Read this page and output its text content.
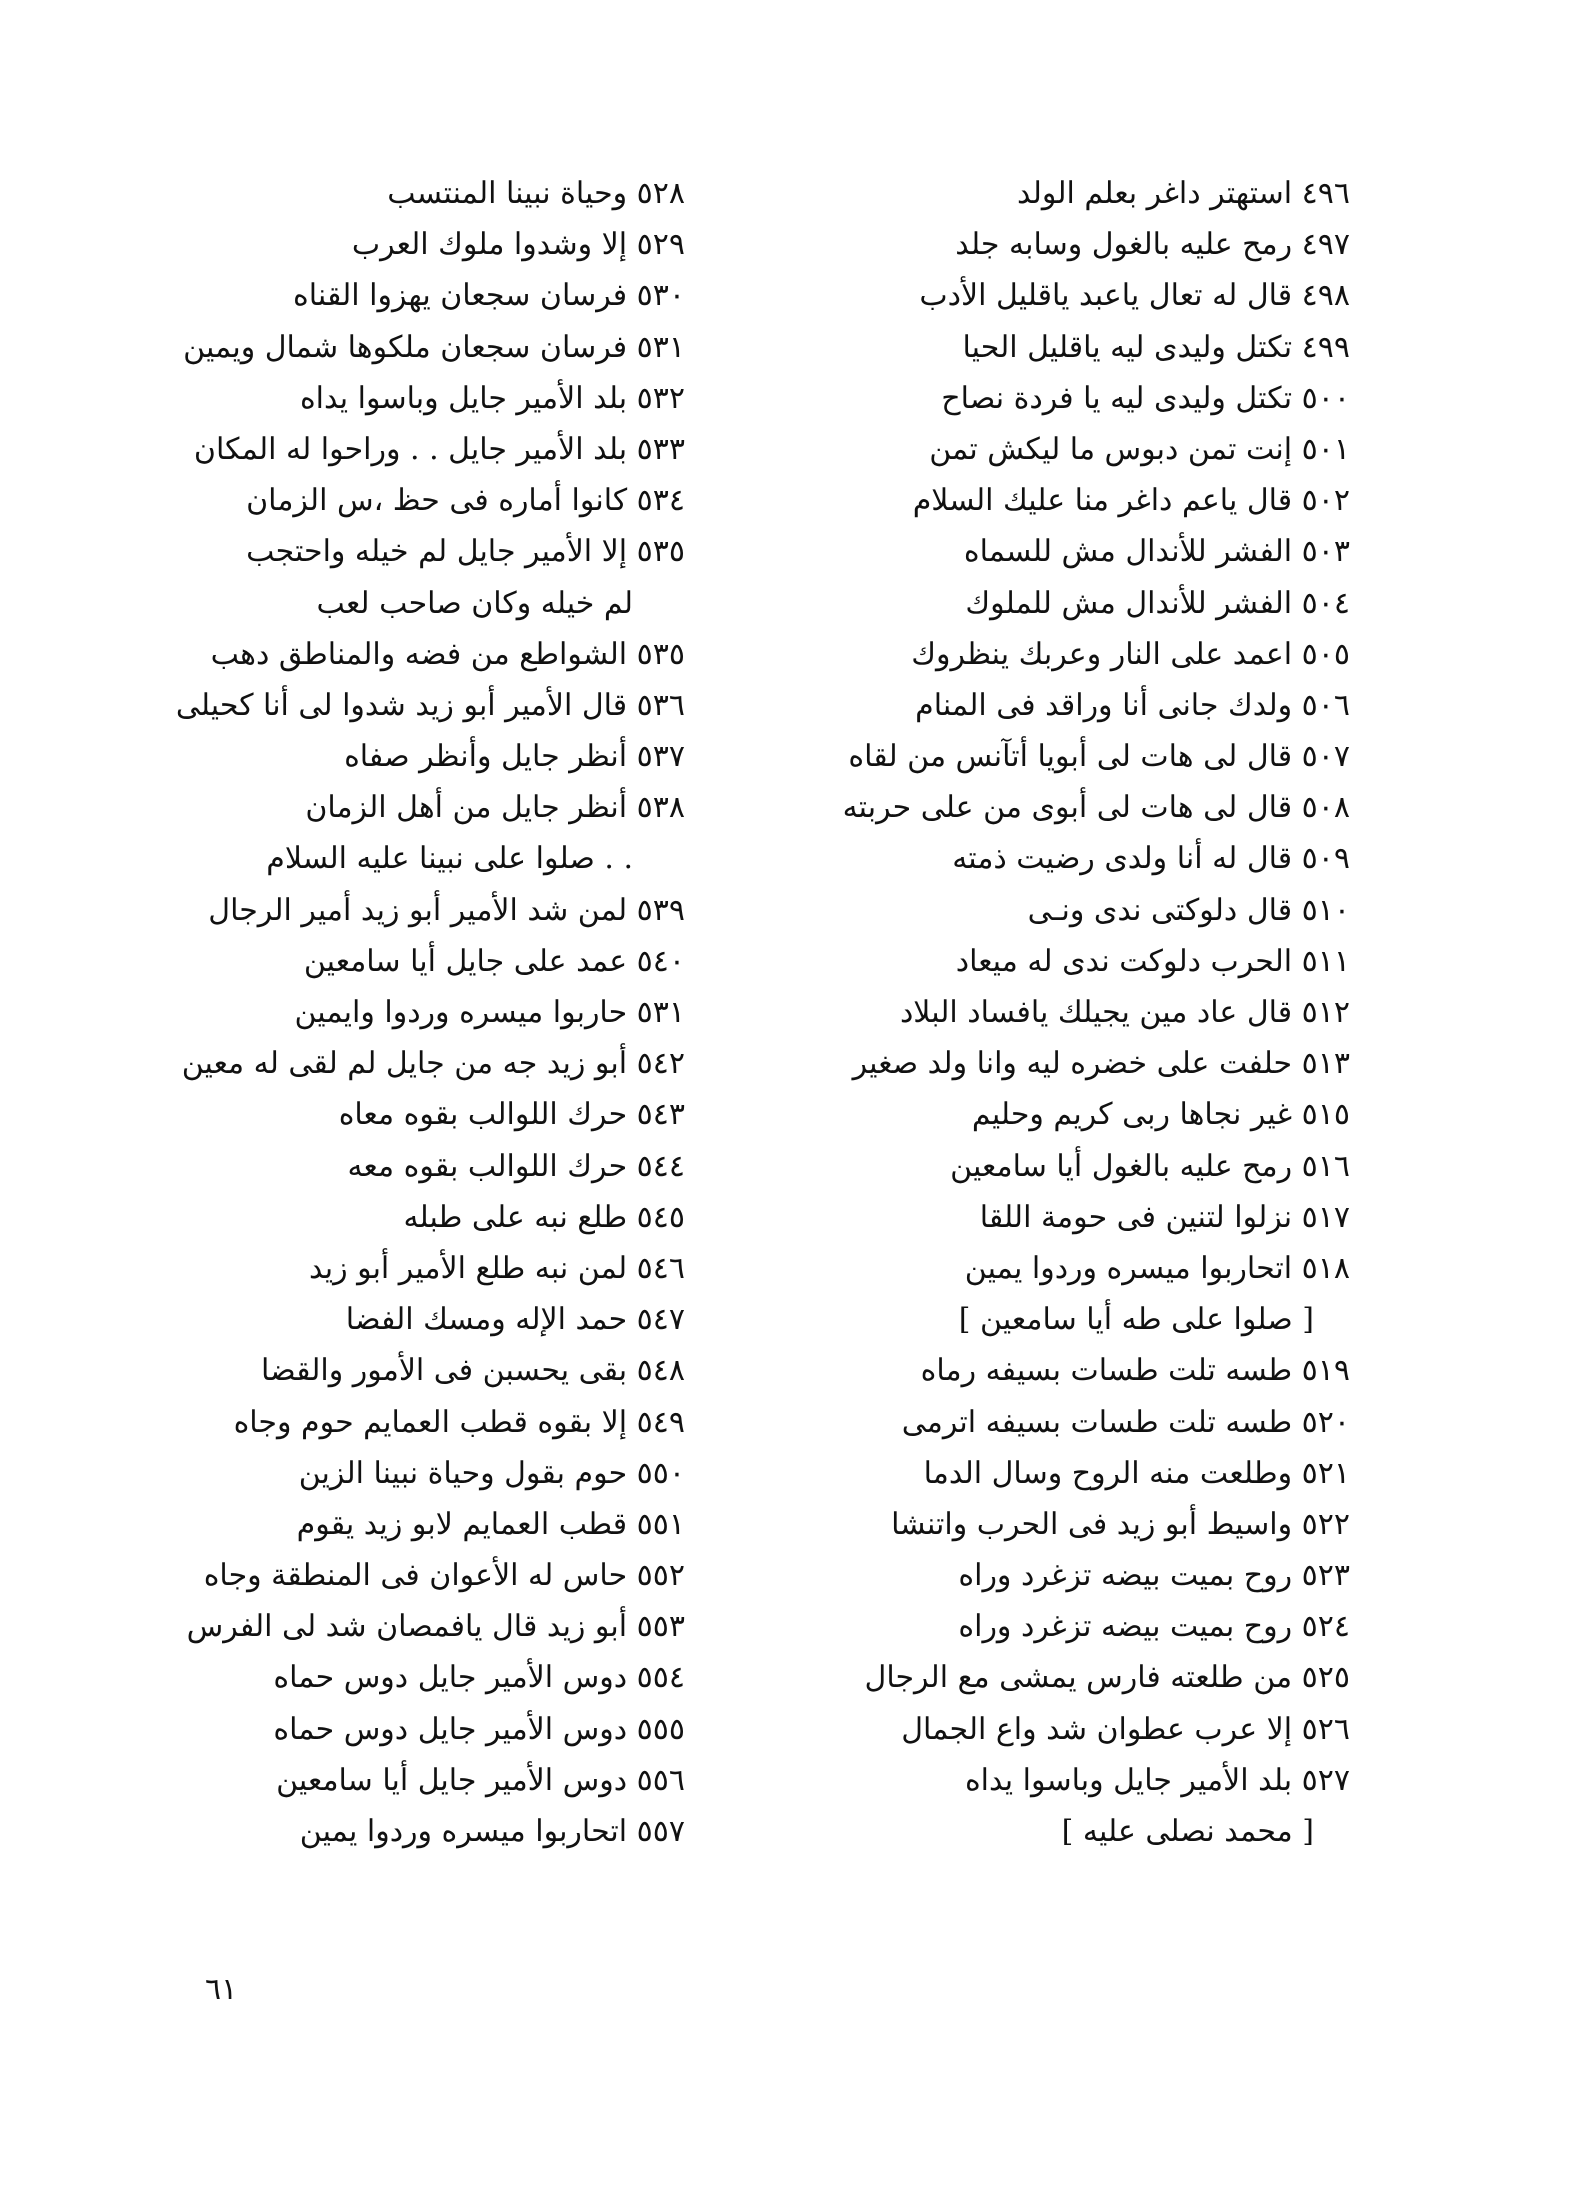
٤٩٦ استهتر داغر بعلم الولد
٤٩٧ رمح عليه بالغول وسابه جلد
٤٩٨ قال له تعال ياعبد ياقليل الأدب
٤٩٩ تكتل وليدى ليه ياقليل الحيا
٥٠٠ تكتل وليدى ليه يا فردة نصاح
٥٠١ إنت تمن دبوس ما ليكش تمن
٥٠٢ قال ياعم داغر منا عليك السلام
٥٠٣ الفشر للأندال مش للسماه
٥٠٤ الفشر للأندال مش للملوك
٥٠٥ اعمد على النار وعربك ينظروك
٥٠٦ ولدك جانى أنا وراقد فى المنام
٥٠٧ قال لى هات لى أبويا أتآنس من لقاه
٥٠٨ قال لى هات لى أبوى من على حربته
٥٠٩ قال له أنا ولدى رضيت ذمته
٥١٠ قال دلوكتى ندى ونـى
٥١١ الحرب دلوكت ندى له ميعاد
٥١٢ قال عاد مين يجيلك يافساد البلاد
٥١٣ حلفت على خضره ليه وانا ولد صغير
٥١٥ غير نجاها ربى كريم وحليم
٥١٦ رمح عليه بالغول أيا سامعين
٥١٧ نزلوا لتنين فى حومة اللقا
٥١٨ اتحاربوا ميسره وردوا يمين
[ صلوا على طه أيا سامعين ]
٥١٩ طسه تلت طسات بسيفه رماه
٥٢٠ طسه تلت طسات بسيفه اترمى
٥٢١ وطلعت منه الروح وسال الدما
٥٢٢ واسيط أبو زيد فى الحرب واتنشا
٥٢٣ روح بميت بيضه تزغرد وراه
٥٢٤ روح بميت بيضه تزغرد وراه
٥٢٥ من طلعته فارس يمشى مع الرجال
٥٢٦ إلا عرب عطوان شد واع الجمال
٥٢٧ بلد الأمير جايل وباسوا يداه
[ محمد نصلى عليه ]
٥٢٨ وحياة نبينا المنتسب
٥٢٩ إلا وشدوا ملوك العرب
٥٣٠ فرسان سجعان يهزوا القناه
٥٣١ فرسان سجعان ملكوها شمال ويمين
٥٣٢ بلد الأمير جايل وباسوا يداه
٥٣٣ بلد الأمير جايل . . وراحوا له المكان
٥٣٤ كانوا أماره فى حظ ،س الزمان
٥٣٥ إلا الأمير جايل لم خيله واحتجب
لم خيله وكان صاحب لعب
٥٣٥ الشواطع من فضه والمناطق دهب
٥٣٦ قال الأمير أبو زيد شدوا لى أنا كحيلى
٥٣٧ أنظر جايل وأنظر صفاه
٥٣٨ أنظر جايل من أهل الزمان
. . صلوا على نبينا عليه السلام
٥٣٩ لمن شد الأمير أبو زيد أمير الرجال
٥٤٠ عمد على جايل أيا سامعين
٥٣١ حاربوا ميسره وردوا وايمين
٥٤٢ أبو زيد جه من جايل لم لقى له معين
٥٤٣ حرك اللوالب بقوه معاه
٥٤٤ حرك اللوالب بقوه معه
٥٤٥ طلع نبه على طبله
٥٤٦ لمن نبه طلع الأمير أبو زيد
٥٤٧ حمد الإله ومسك الفضا
٥٤٨ بقى يحسبن فى الأمور والقضا
٥٤٩ إلا بقوه قطب العمايم حوم وجاه
٥٥٠ حوم بقول وحياة نبينا الزين
٥٥١ قطب العمايم لابو زيد يقوم
٥٥٢ حاس له الأعوان فى المنطقة وجاه
٥٥٣ أبو زيد قال يافمصان شد لى الفرس
٥٥٤ دوس الأمير جايل دوس حماه
٥٥٥ دوس الأمير جايل دوس حماه
٥٥٦ دوس الأمير جايل أيا سامعين
٥٥٧ اتحاربوا ميسره وردوا يمين
٦١
